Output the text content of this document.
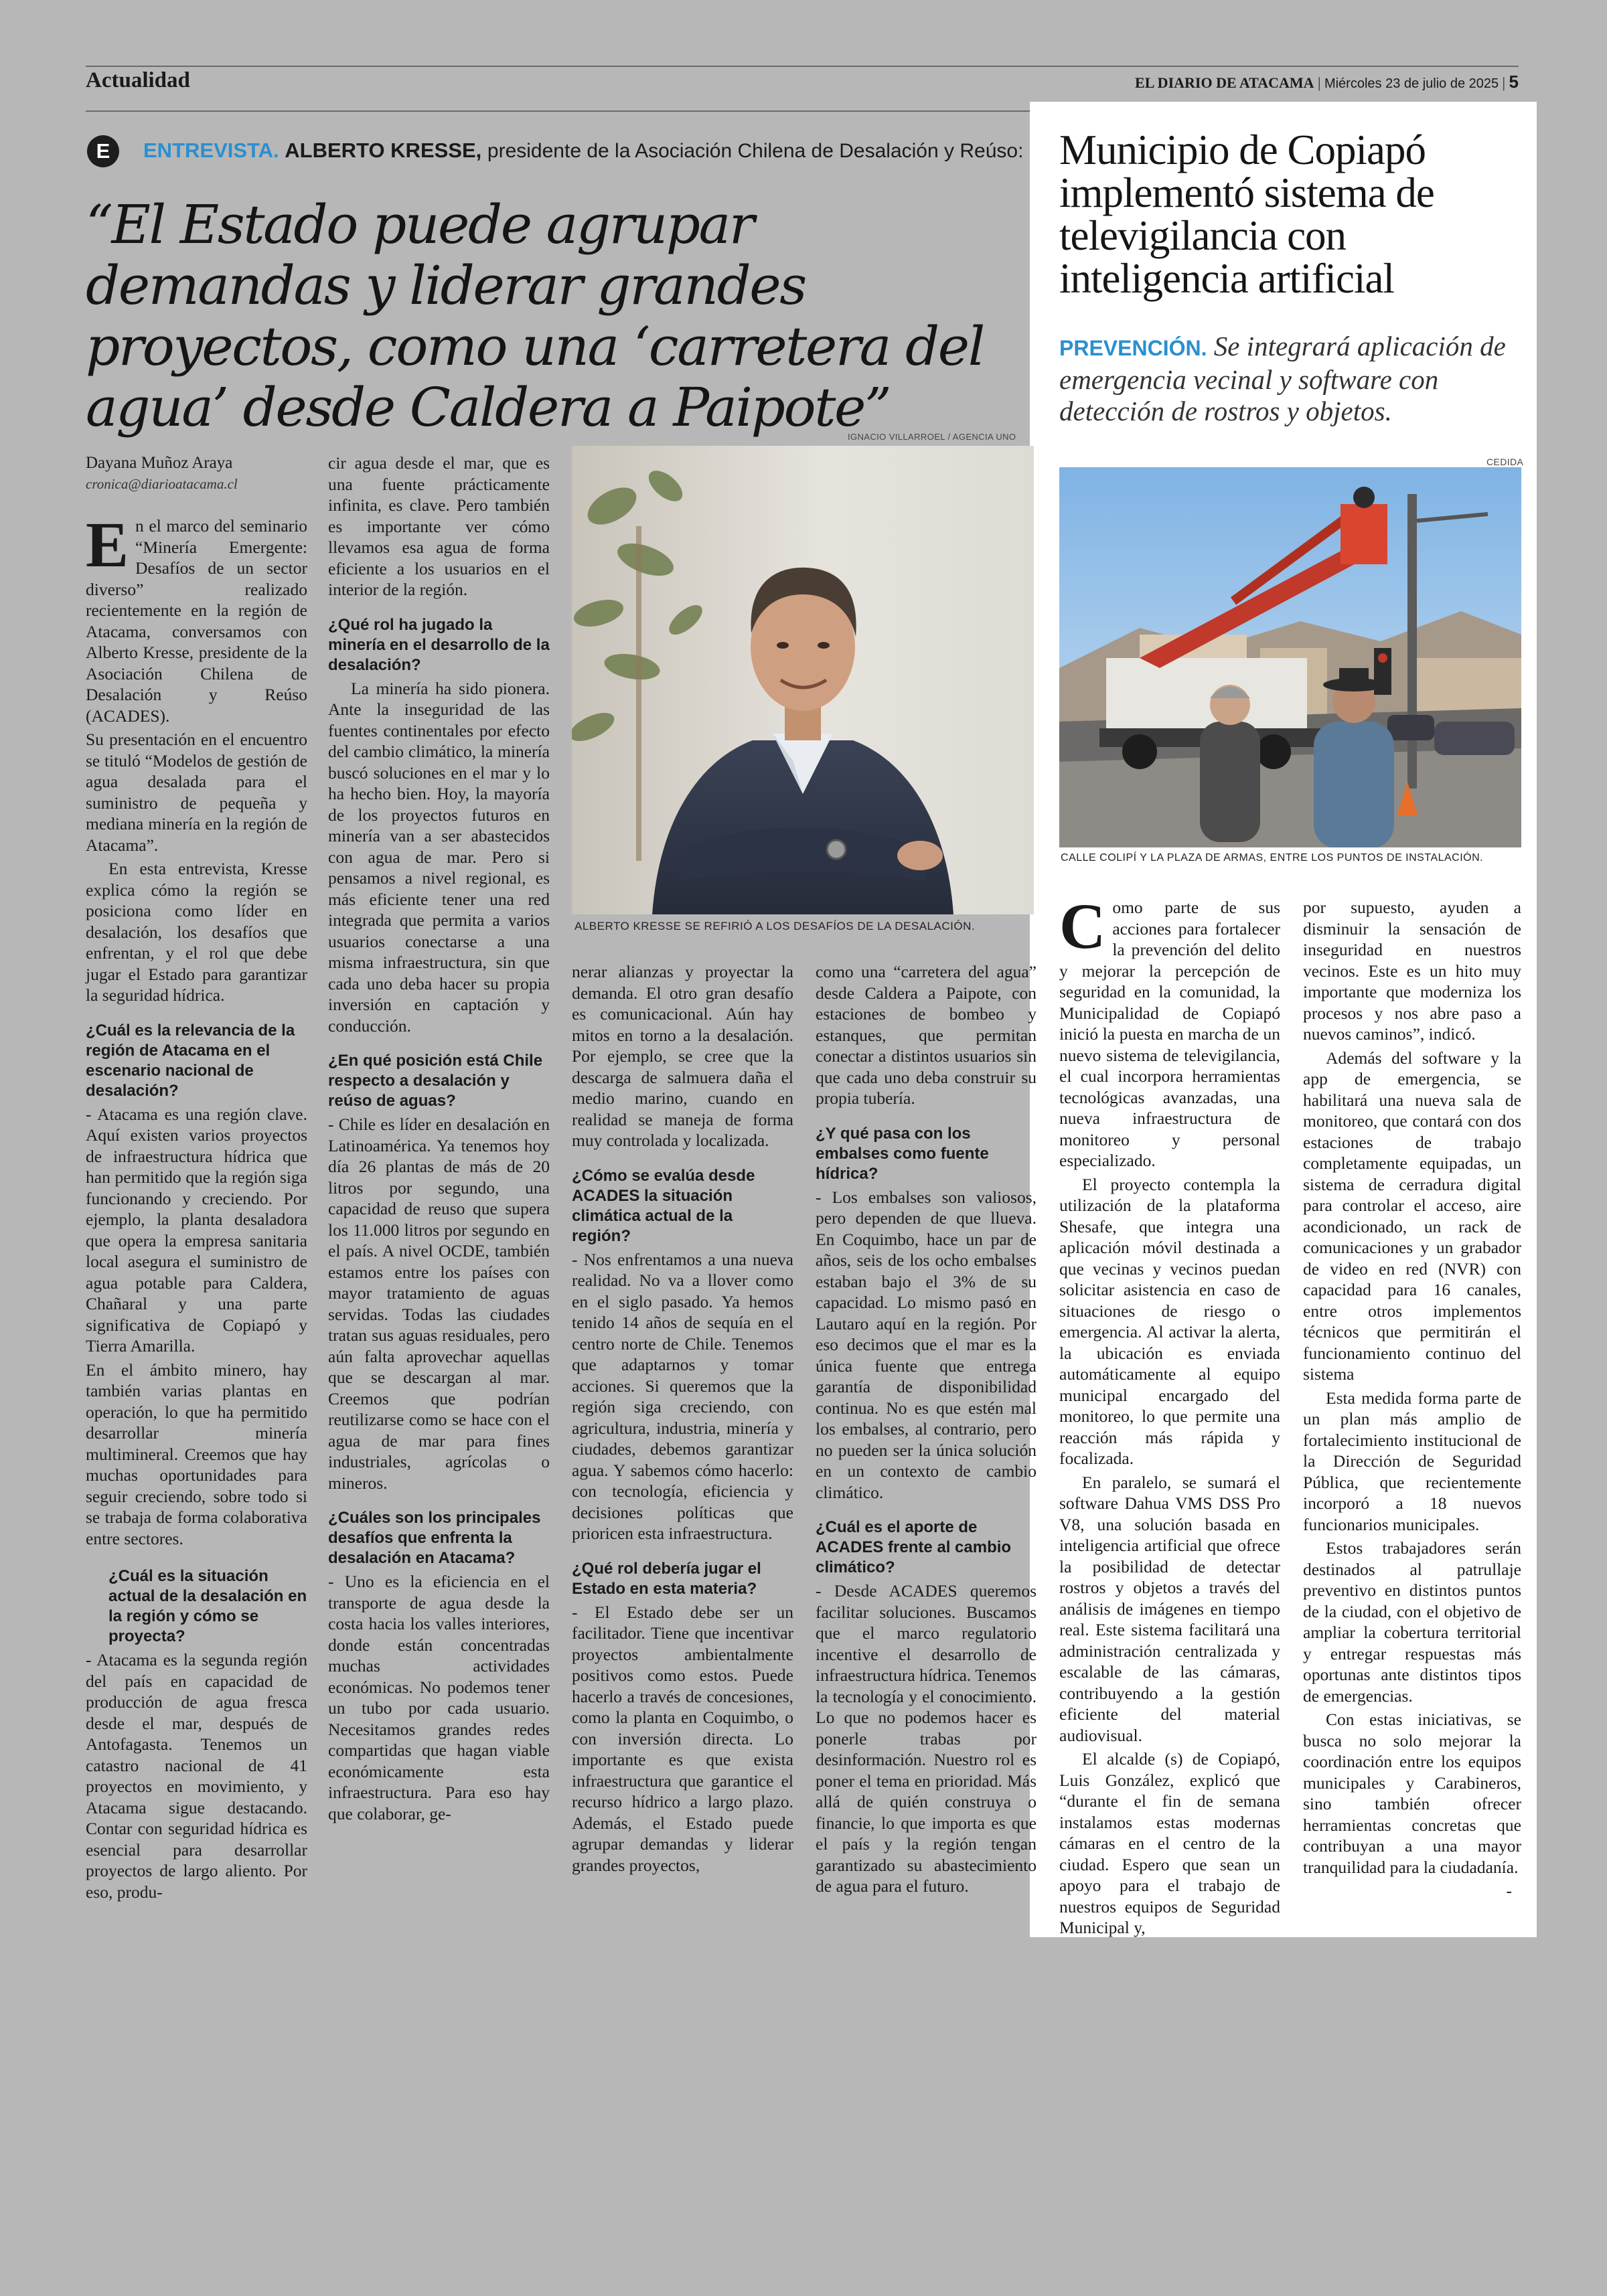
Actualidad	EL DIARIO DE ATACAMA | Miércoles 23 de julio de 2025 | 5
E	ENTREVISTA. ALBERTO KRESSE, presidente de la Asociación Chilena de Desalación y Reúso:
“El Estado puede agrupar demandas y liderar grandes proyectos, como una ‘carretera del agua’ desde Caldera a Paipote”
Dayana Muñoz Araya
cronica@diarioatacama.cl
IGNACIO VILLARROEL / AGENCIA UNO
ALBERTO KRESSE SE REFIRIÓ A LOS DESAFÍOS DE LA DESALACIÓN.

En el marco del seminario “Minería Emergente: Desafíos de un sector diverso” realizado recientemente en la región de Atacama, conversamos con Alberto Kresse, presidente de la Asociación Chilena de Desalación y Reúso (ACADES).

Su presentación en el encuentro se tituló “Modelos de gestión de agua desalada para el suministro de pequeña y mediana minería en la región de Atacama”.

En esta entrevista, Kresse explica cómo la región se posiciona como líder en desalación, los desafíos que enfrentan, y el rol que debe jugar el Estado para garantizar la seguridad hídrica.

¿Cuál es la relevancia de la región de Atacama en el escenario nacional de desalación?

- Atacama es una región clave. Aquí existen varios proyectos de infraestructura hídrica que han permitido que la región siga funcionando y creciendo. Por ejemplo, la planta desaladora que opera la empresa sanitaria local asegura el suministro de agua potable para Caldera, Chañaral y una parte significativa de Copiapó y Tierra Amarilla.

En el ámbito minero, hay también varias plantas en operación, lo que ha permitido desarrollar minería multimineral. Creemos que hay muchas oportunidades para seguir creciendo, sobre todo si se trabaja de forma colaborativa entre sectores.

¿Cuál es la situación actual de la desalación en la región y cómo se proyecta?

- Atacama es la segunda región del país en capacidad de producción de agua fresca desde el mar, después de Antofagasta. Tenemos un catastro nacional de 41 proyectos en movimiento, y Atacama sigue destacando. Contar con seguridad hídrica es esencial para desarrollar proyectos de largo aliento. Por eso, produ-

cir agua desde el mar, que es una fuente prácticamente infinita, es clave. Pero también es importante ver cómo llevamos esa agua de forma eficiente a los usuarios en el interior de la región.

¿Qué rol ha jugado la minería en el desarrollo de la desalación?

La minería ha sido pionera. Ante la inseguridad de las fuentes continentales por efecto del cambio climático, la minería buscó soluciones en el mar y lo ha hecho bien. Hoy, la mayoría de los proyectos futuros en minería van a ser abastecidos con agua de mar. Pero si pensamos a nivel regional, es más eficiente tener una red integrada que permita a varios usuarios conectarse a una misma infraestructura, sin que cada uno deba hacer su propia inversión en captación y conducción.

¿En qué posición está Chile respecto a desalación y reúso de aguas?

- Chile es líder en desalación en Latinoamérica. Ya tenemos hoy día 26 plantas de más de 20 litros por segundo, una capacidad de reuso que supera los 11.000 litros por segundo en el país. A nivel OCDE, también estamos entre los países con mayor tratamiento de aguas servidas. Todas las ciudades tratan sus aguas residuales, pero aún falta aprovechar aquellas que se descargan al mar. Creemos que podrían reutilizarse como se hace con el agua de mar para fines industriales, agrícolas o mineros.

¿Cuáles son los principales desafíos que enfrenta la desalación en Atacama?

- Uno es la eficiencia en el transporte de agua desde la costa hacia los valles interiores, donde están concentradas muchas actividades económicas. No podemos tener un tubo por cada usuario. Necesitamos grandes redes compartidas que hagan viable económicamente esta infraestructura. Para eso hay que colaborar, ge-

nerar alianzas y proyectar la demanda. El otro gran desafío es comunicacional. Aún hay mitos en torno a la desalación. Por ejemplo, se cree que la descarga de salmuera daña el medio marino, cuando en realidad se maneja de forma muy controlada y localizada.

¿Cómo se evalúa desde ACADES la situación climática actual de la región?

- Nos enfrentamos a una nueva realidad. No va a llover como en el siglo pasado. Ya hemos tenido 14 años de sequía en el centro norte de Chile. Tenemos que adaptarnos y tomar acciones. Si queremos que la región siga creciendo, con agricultura, industria, minería y ciudades, debemos garantizar agua. Y sabemos cómo hacerlo: con tecnología, eficiencia y decisiones políticas que prioricen esta infraestructura.

¿Qué rol debería jugar el Estado en esta materia?

- El Estado debe ser un facilitador. Tiene que incentivar proyectos ambientalmente positivos como estos. Puede hacerlo a través de concesiones, como la planta en Coquimbo, o con inversión directa. Lo importante es que exista infraestructura que garantice el recurso hídrico a largo plazo. Además, el Estado puede agrupar demandas y liderar grandes proyectos,

como una “carretera del agua” desde Caldera a Paipote, con estaciones de bombeo y estanques, que permitan conectar a distintos usuarios sin que cada uno deba construir su propia tubería.

¿Y qué pasa con los embalses como fuente hídrica?

- Los embalses son valiosos, pero dependen de que llueva. En Coquimbo, hace un par de años, seis de los ocho embalses estaban bajo el 3% de su capacidad. Lo mismo pasó en Lautaro aquí en la región. Por eso decimos que el mar es la única fuente que entrega garantía de disponibilidad continua. No es que estén mal los embalses, al contrario, pero no pueden ser la única solución en un contexto de cambio climático.

¿Cuál es el aporte de ACADES frente al cambio climático?

- Desde ACADES queremos facilitar soluciones. Buscamos que el marco regulatorio incentive el desarrollo de infraestructura hídrica. Tenemos la tecnología y el conocimiento. Lo que no podemos hacer es ponerle trabas por desinformación. Nuestro rol es poner el tema en prioridad. Más allá de quién construya o financie, lo que importa es que el país y la región tengan garantizado su abastecimiento de agua para el futuro.

Municipio de Copiapó implementó sistema de televigilancia con inteligencia artificial
PREVENCIÓN. Se integrará aplicación de emergencia vecinal y software con detección de rostros y objetos.
CEDIDA
CALLE COLIPÍ Y LA PLAZA DE ARMAS, ENTRE LOS PUNTOS DE INSTALACIÓN.

Como parte de sus acciones para fortalecer la prevención del delito y mejorar la percepción de seguridad en la comunidad, la Municipalidad de Copiapó inició la puesta en marcha de un nuevo sistema de televigilancia, el cual incorpora herramientas tecnológicas avanzadas, una nueva infraestructura de monitoreo y personal especializado.

El proyecto contempla la utilización de la plataforma Shesafe, que integra una aplicación móvil destinada a que vecinas y vecinos puedan solicitar asistencia en caso de situaciones de riesgo o emergencia. Al activar la alerta, la ubicación es enviada automáticamente al equipo municipal encargado del monitoreo, lo que permite una reacción más rápida y focalizada.

En paralelo, se sumará el software Dahua VMS DSS Pro V8, una solución basada en inteligencia artificial que ofrece la posibilidad de detectar rostros y objetos a través del análisis de imágenes en tiempo real. Este sistema facilitará una administración centralizada y escalable de las cámaras, contribuyendo a la gestión eficiente del material audiovisual.

El alcalde (s) de Copiapó, Luis González, explicó que “durante el fin de semana instalamos estas modernas cámaras en el centro de la ciudad. Espero que sean un apoyo para el trabajo de nuestros equipos de Seguridad Municipal y,

por supuesto, ayuden a disminuir la sensación de inseguridad en nuestros vecinos. Este es un hito muy importante que moderniza los procesos y nos abre paso a nuevos caminos”, indicó.

Además del software y la app de emergencia, se habilitará una nueva sala de monitoreo, que contará con dos estaciones de trabajo completamente equipadas, un sistema de cerradura digital para controlar el acceso, aire acondicionado, un rack de comunicaciones y un grabador de video en red (NVR) con capacidad para 16 canales, entre otros implementos técnicos que permitirán el funcionamiento continuo del sistema

Esta medida forma parte de un plan más amplio de fortalecimiento institucional de la Dirección de Seguridad Pública, que recientemente incorporó a 18 nuevos funcionarios municipales.

Estos trabajadores serán destinados al patrullaje preventivo en distintos puntos de la ciudad, con el objetivo de ampliar la cobertura territorial y entregar respuestas más oportunas ante distintos tipos de emergencias.

Con estas iniciativas, se busca no solo mejorar la coordinación entre los equipos municipales y Carabineros, sino también ofrecer herramientas concretas que contribuyan a una mayor tranquilidad para la ciudadanía.

-
